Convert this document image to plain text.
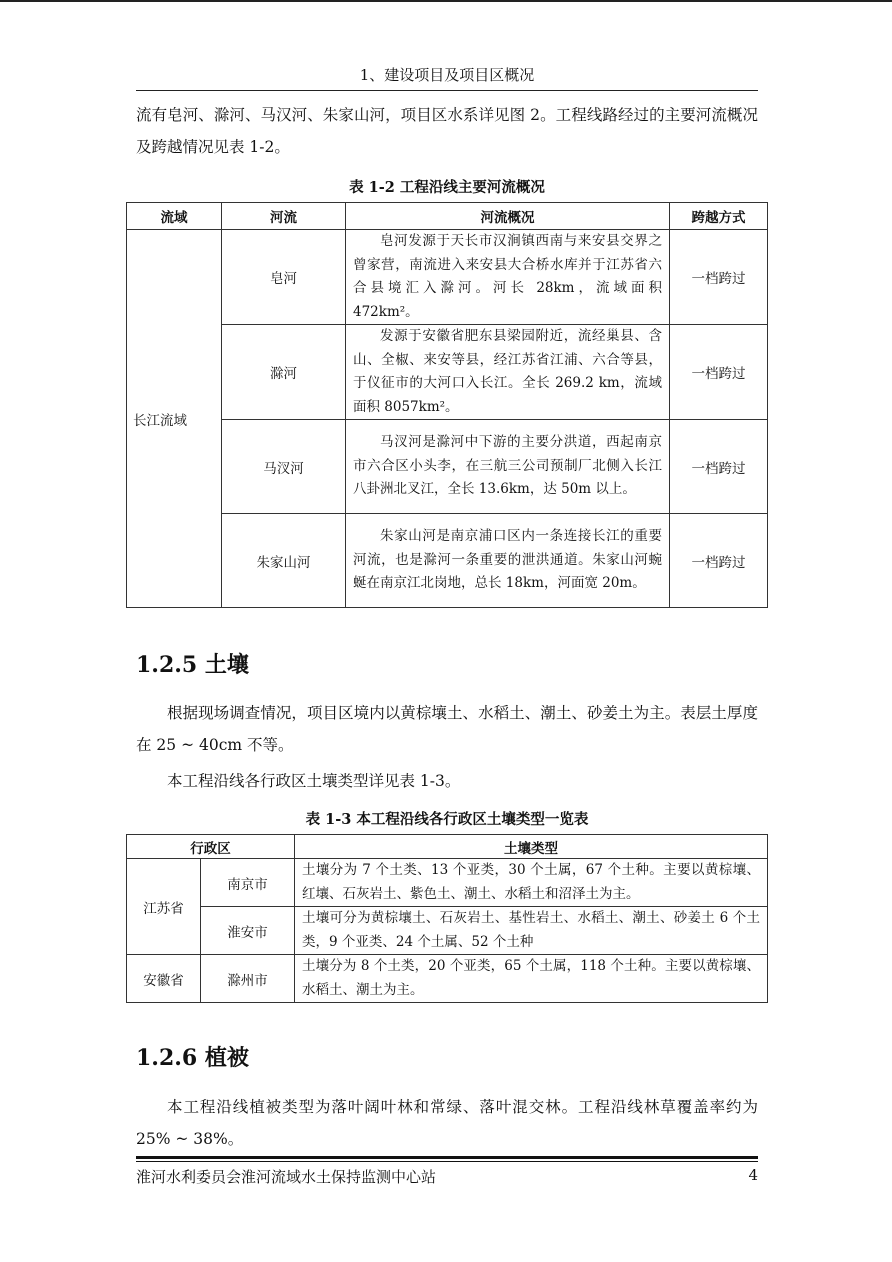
1、建设项目及项目区概况

流有皂河、滁河、马汉河、朱家山河，项目区水系详见图 2。工程线路经过的主要河流概况及跨越情况见表 1-2。

表 1-2 工程沿线主要河流概况
流域	河流	河流概况	跨越方式
长江流域	皂河	皂河发源于天长市汉涧镇西南与来安县交界之曾家营，南流进入来安县大合桥水库并于江苏省六合县境汇入滁河。河长 28km，流域面积 472km²。	一档跨过
	滁河	发源于安徽省肥东县梁园附近，流经巢县、含山、全椒、来安等县，经江苏省江浦、六合等县，于仪征市的大河口入长江。全长 269.2 km，流域面积 8057km²。	一档跨过
	马汊河	马汊河是滁河中下游的主要分洪道，西起南京市六合区小头李，在三航三公司预制厂北侧入长江八卦洲北叉江，全长 13.6km，达 50m 以上。	一档跨过
	朱家山河	朱家山河是南京浦口区内一条连接长江的重要河流，也是滁河一条重要的泄洪通道。朱家山河蜿蜒在南京江北岗地，总长 18km，河面宽 20m。	一档跨过
1.2.5 土壤

根据现场调查情况，项目区境内以黄棕壤土、水稻土、潮土、砂姜土为主。表层土厚度在 25 ~ 40cm 不等。

本工程沿线各行政区土壤类型详见表 1-3。

表 1-3 本工程沿线各行政区土壤类型一览表
行政区		土壤类型
江苏省	南京市	土壤分为 7 个土类、13 个亚类，30 个土属，67 个土种。主要以黄棕壤、红壤、石灰岩土、紫色土、潮土、水稻土和沼泽土为主。
	淮安市	土壤可分为黄棕壤土、石灰岩土、基性岩土、水稻土、潮土、砂姜土 6 个土类，9 个亚类、24 个土属、52 个土种
安徽省	滁州市	土壤分为 8 个土类，20 个亚类，65 个土属，118 个土种。主要以黄棕壤、水稻土、潮土为主。
1.2.6 植被

本工程沿线植被类型为落叶阔叶林和常绿、落叶混交林。工程沿线林草覆盖率约为 25% ~ 38%。

淮河水利委员会淮河流域水土保持监测中心站	4
